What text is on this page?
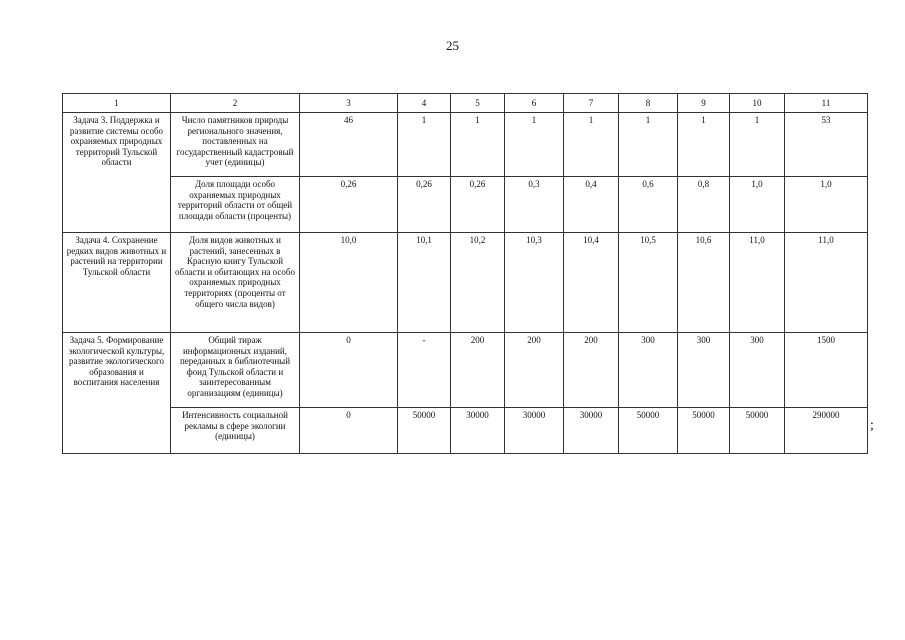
25
1	2	3	4	5	6	7	8	9	10	11
Задача 3. Поддержка и развитие системы особо охраняемых природных территорий Тульской области	Число памятников природы регионального значения, поставленных на государственный кадастровый учет (единицы)	46	1	1	1	1	1	1	1	53
	Доля площади особо охраняемых природных территорий области от общей площади области (проценты)	0,26	0,26	0,26	0,3	0,4	0,6	0,8	1,0	1,0
Задача 4. Сохранение редких видов животных и растений на территории Тульской области	Доля видов животных и растений, занесенных в Красную книгу Тульской области и обитающих на особо охраняемых природных территориях (проценты от общего числа видов)	10,0	10,1	10,2	10,3	10,4	10,5	10,6	11,0	11,0
Задача 5. Формирование экологической культуры, развитие экологического образования и воспитания населения	Общий тираж информационных изданий, переданных в библиотечный фонд Тульской области и заинтересованным организациям (единицы)	0	-	200	200	200	300	300	300	1500
	Интенсивность социальной рекламы в сфере экологии (единицы)	0	50000	30000	30000	30000	50000	50000	50000	290000
;
